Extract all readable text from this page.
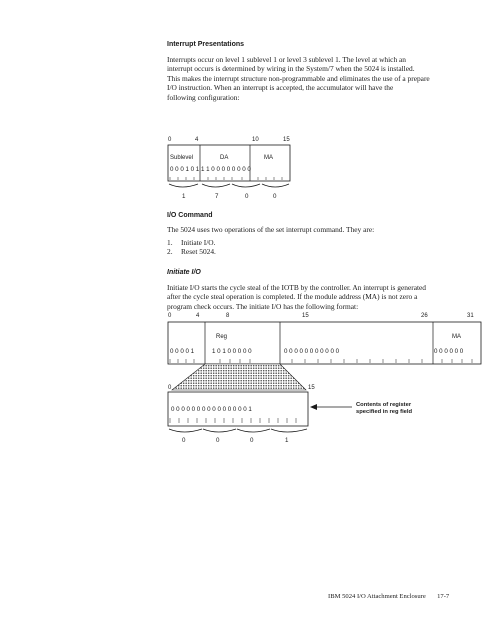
Interrupt Presentations
Interrupts occur on level 1 sublevel 1 or level 3 sublevel 1. The level at which an
interrupt occurs is determined by wiring in the System/7 when the 5024 is installed.
This makes the interrupt structure non-programmable and eliminates the use of a prepare
I/O instruction. When an interrupt is accepted, the accumulator will have the
following configuration:
0	4	10	15
Sublevel	DA	MA
0 0 0 1 0 1 1 1 0 0 0 0 0 0 0 0
1	7	0	0
I/O Command
The 5024 uses two operations of the set interrupt command. They are:
1. Initiate I/O.
2. Reset 5024.
Initiate I/O
Initiate I/O starts the cycle steal of the IOTB by the controller. An interrupt is generated
after the cycle steal operation is completed. If the module address (MA) is not zero a
program check occurs. The initiate I/O has the following format:
0	4	8	15	26	31
Reg	MA
0 0 0 0 1	1 0 1 0 0 0 0 0	0 0 0 0 0 0 0 0 0 0 0	0 0 0 0 0 0
0	15
0 0 0 0 0 0 0 0 0 0 0 0 0 0 0 1
0	0	0	1
Contents of register
specified in reg field
IBM 5024 I/O Attachment Enclosure 17-7
